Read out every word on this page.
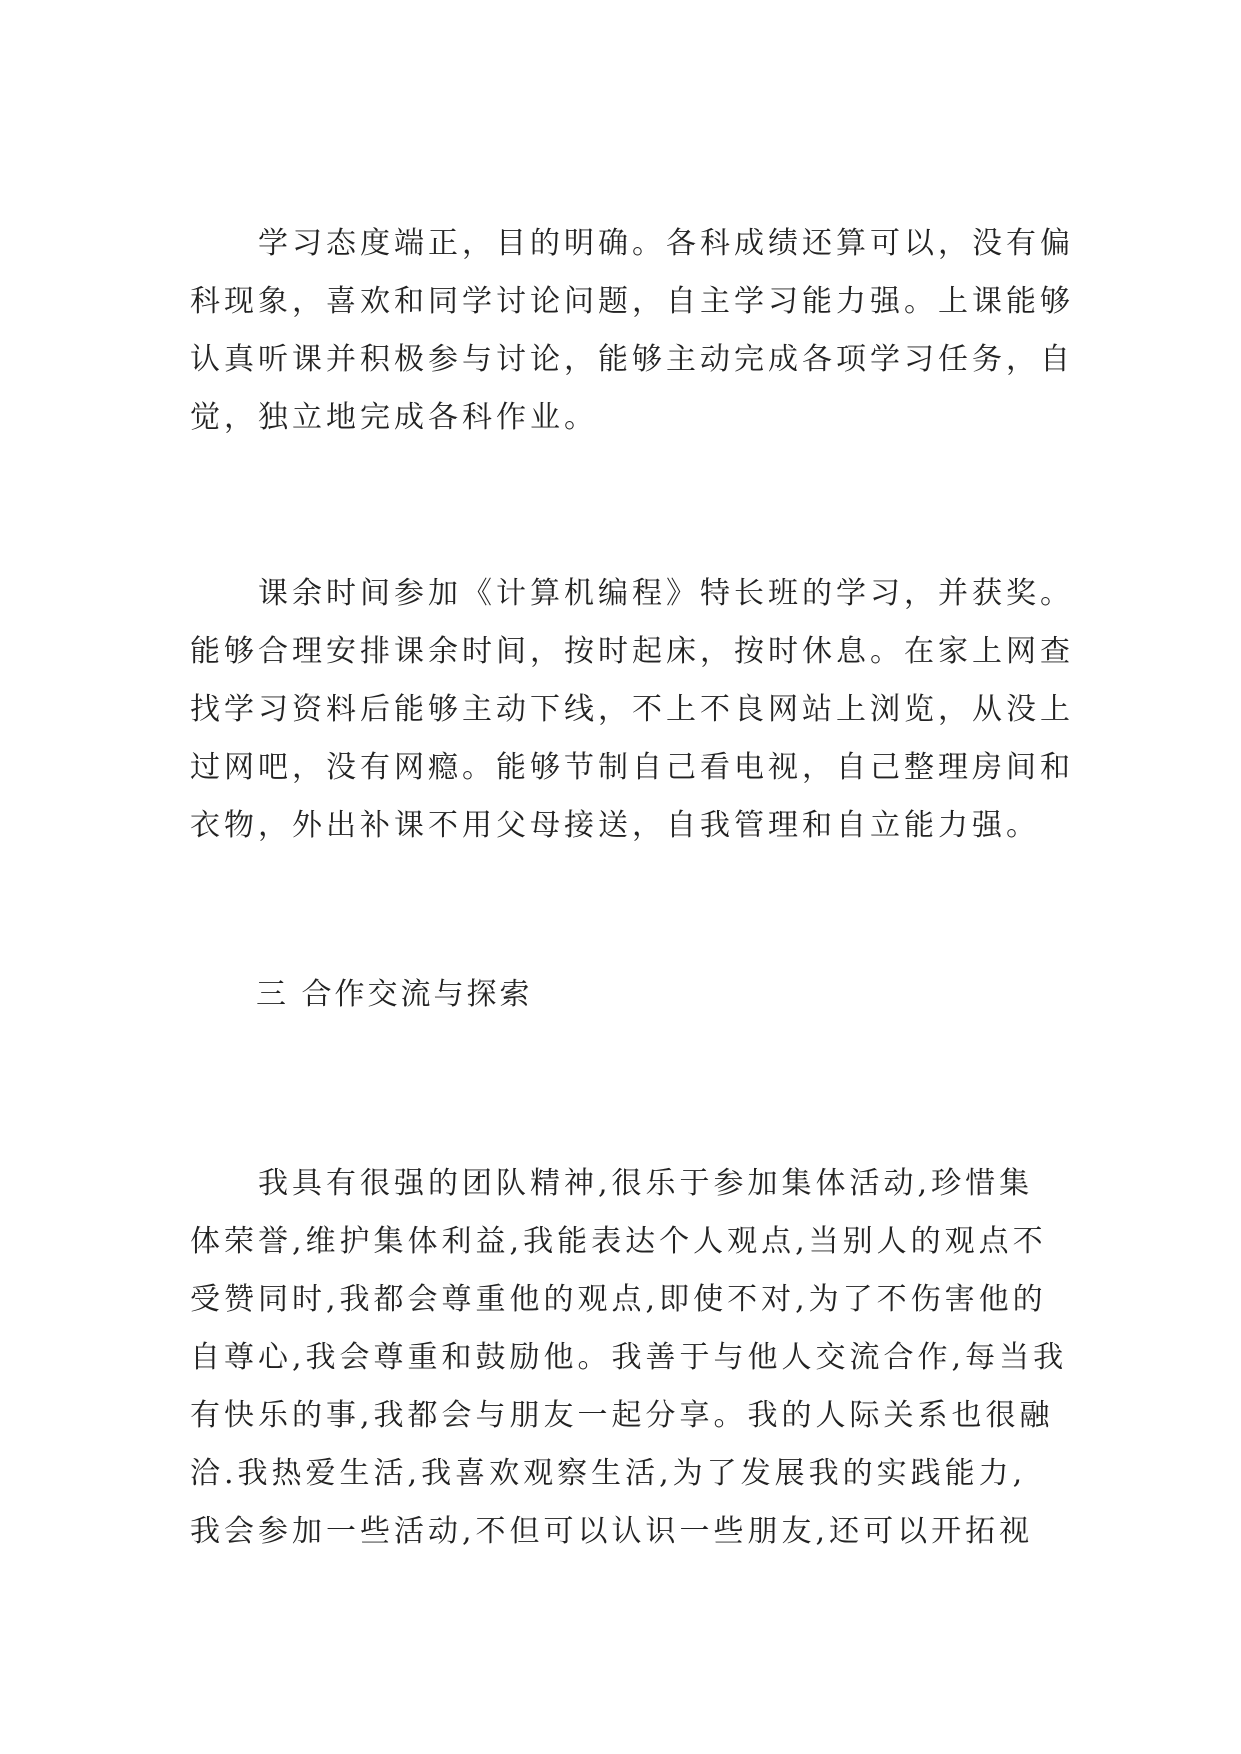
学习态度端正，目的明确。各科成绩还算可以，没有偏
科现象，喜欢和同学讨论问题，自主学习能力强。上课能够
认真听课并积极参与讨论，能够主动完成各项学习任务，自
觉，独立地完成各科作业。
课余时间参加《计算机编程》特长班的学习，并获奖。
能够合理安排课余时间，按时起床，按时休息。在家上网查
找学习资料后能够主动下线，不上不良网站上浏览，从没上
过网吧，没有网瘾。能够节制自己看电视，自己整理房间和
衣物，外出补课不用父母接送，自我管理和自立能力强。
三 合作交流与探索
我具有很强的团队精神,很乐于参加集体活动,珍惜集
体荣誉,维护集体利益,我能表达个人观点,当别人的观点不
受赞同时,我都会尊重他的观点,即使不对,为了不伤害他的
自尊心,我会尊重和鼓励他。我善于与他人交流合作,每当我
有快乐的事,我都会与朋友一起分享。我的人际关系也很融
洽.我热爱生活,我喜欢观察生活,为了发展我的实践能力,
我会参加一些活动,不但可以认识一些朋友,还可以开拓视
